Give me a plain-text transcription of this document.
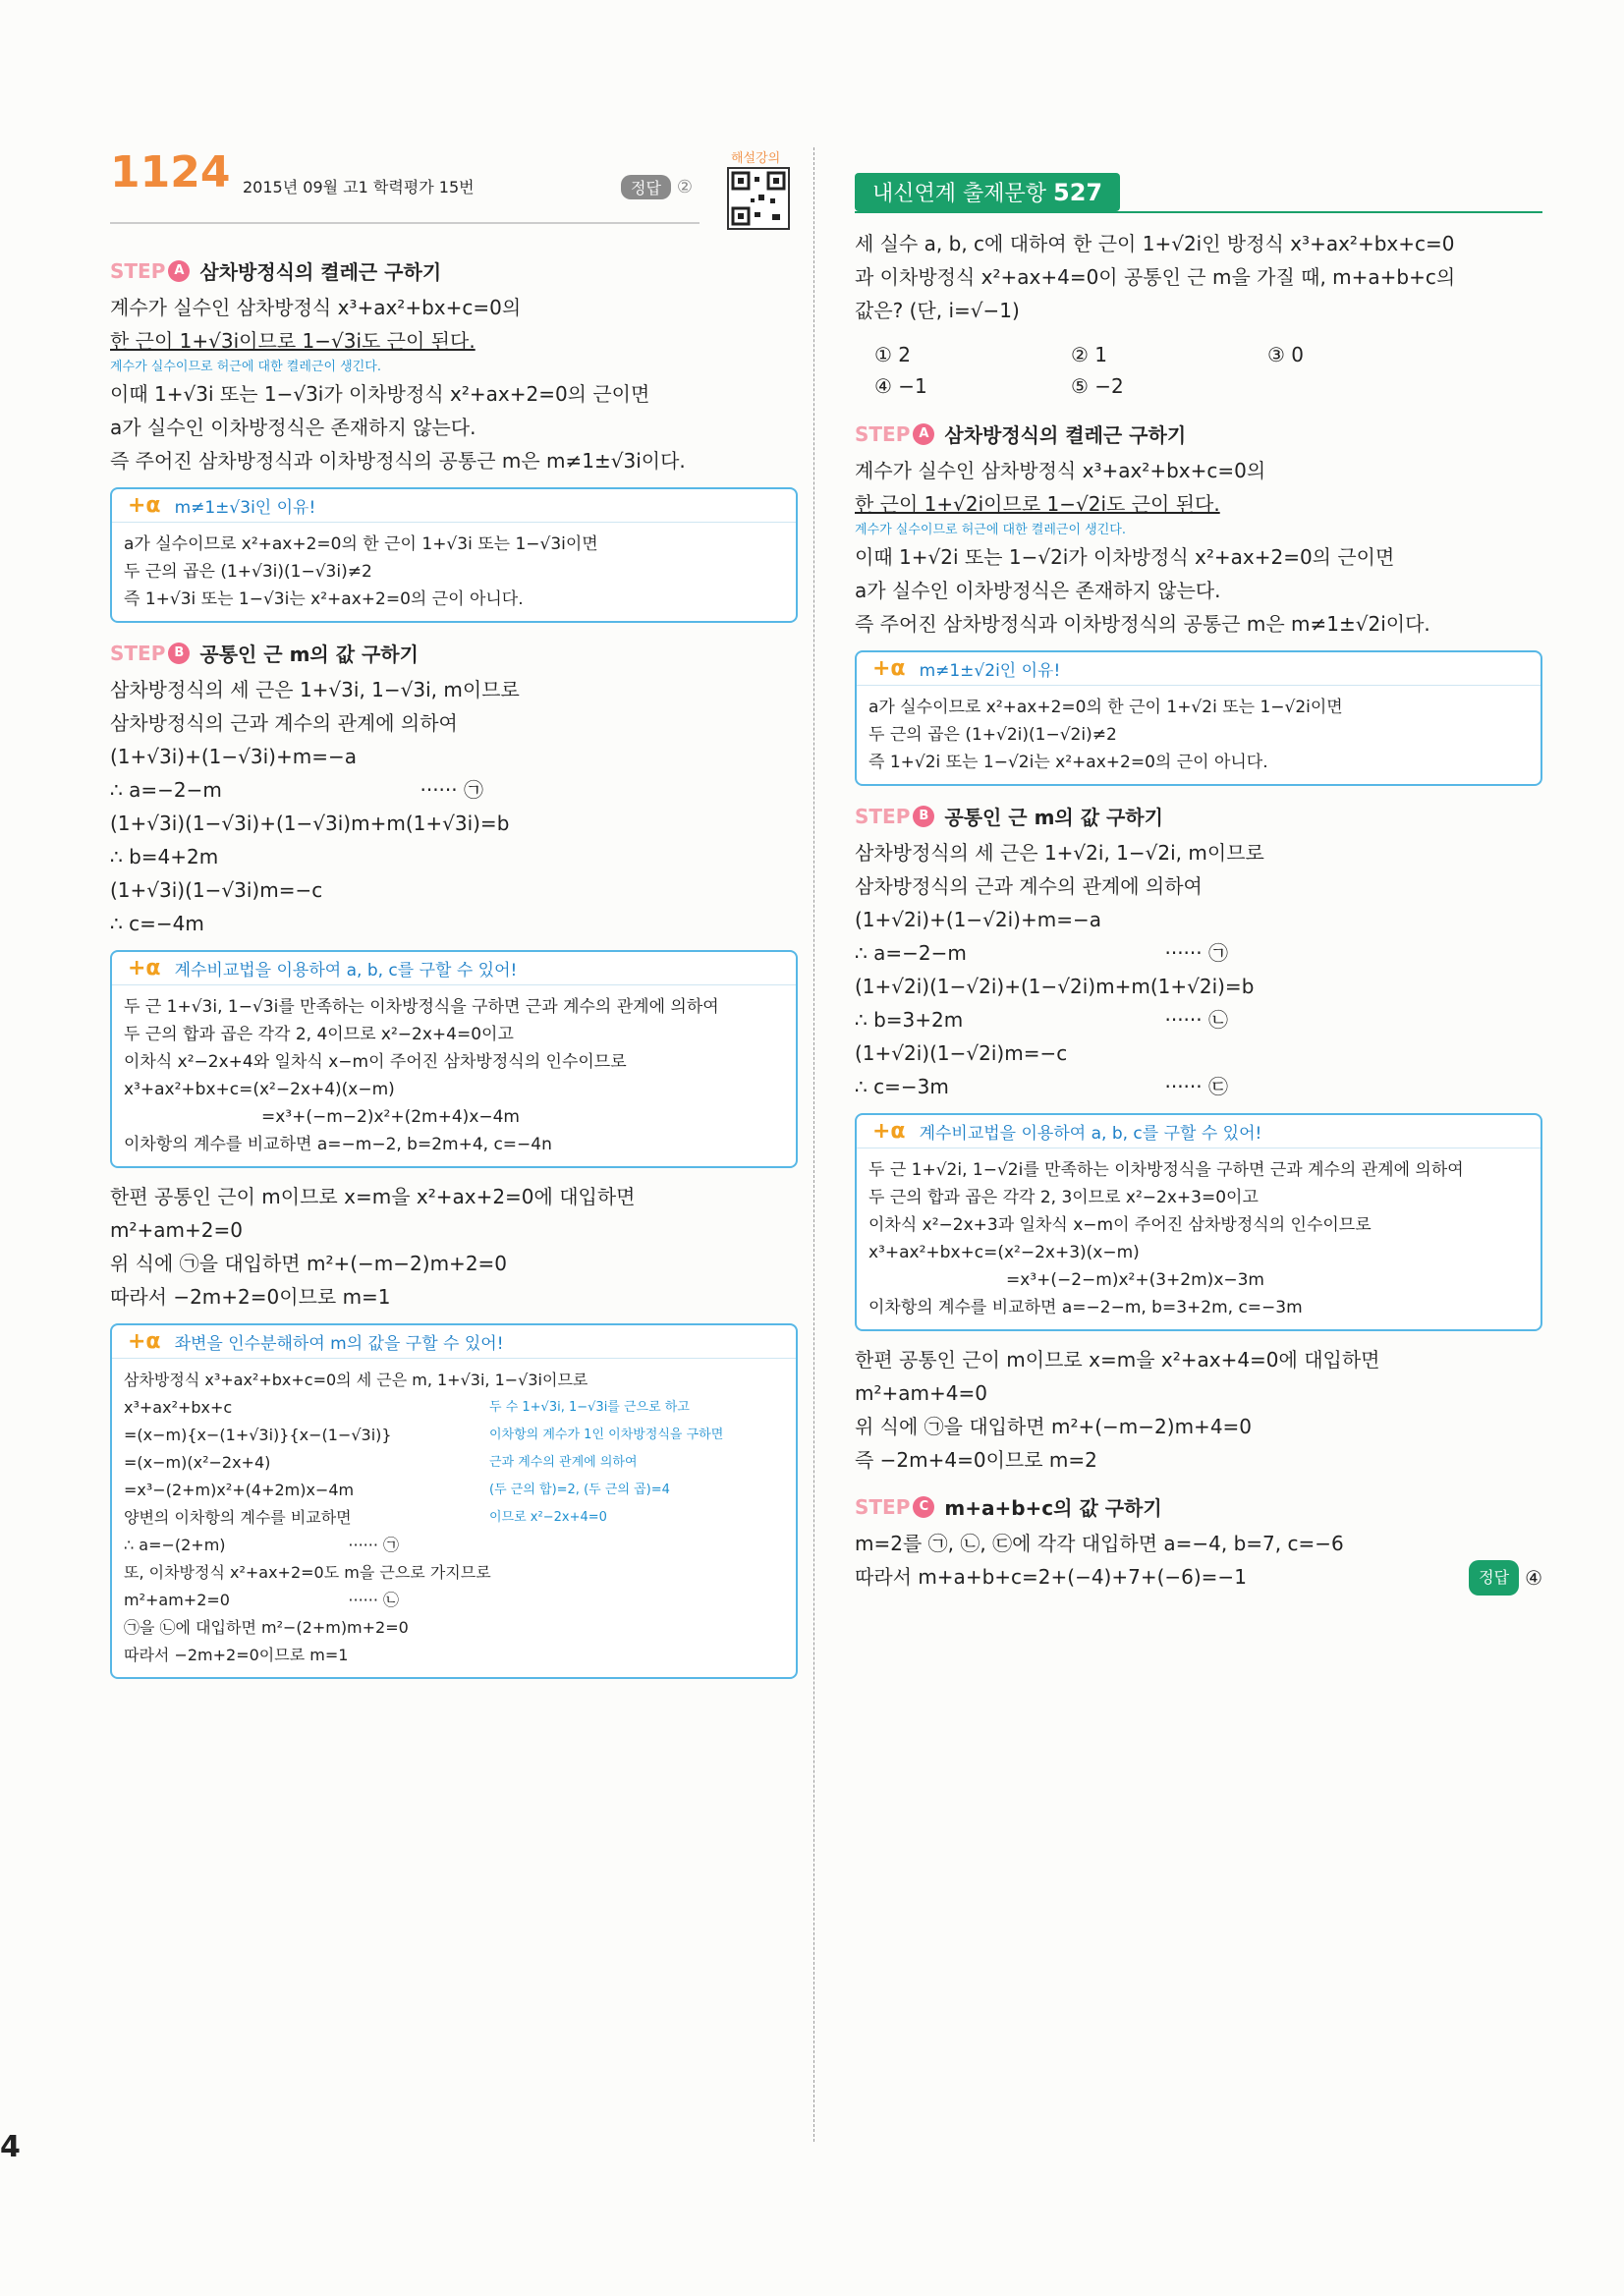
1124 2015년 09월 고1 학력평가 15번	정답 ②
해설강의
STEP A 삼차방정식의 켤레근 구하기
계수가 실수인 삼차방정식 x³+ax²+bx+c=0의
한 근이 1+√3i이므로 1−√3i도 근이 된다.
계수가 실수이므로 허근에 대한 켤레근이 생긴다.
이때 1+√3i 또는 1−√3i가 이차방정식 x²+ax+2=0의 근이면
a가 실수인 이차방정식은 존재하지 않는다.
즉 주어진 삼차방정식과 이차방정식의 공통근 m은 m≠1±√3i이다.
+α m≠1±√3i인 이유!
a가 실수이므로 x²+ax+2=0의 한 근이 1+√3i 또는 1−√3i이면
두 근의 곱은 (1+√3i)(1−√3i)≠2
즉 1+√3i 또는 1−√3i는 x²+ax+2=0의 근이 아니다.
STEP B 공통인 근 m의 값 구하기
삼차방정식의 세 근은 1+√3i, 1−√3i, m이므로
삼차방정식의 근과 계수의 관계에 의하여
(1+√3i)+(1−√3i)+m=−a
∴ a=−2−m	······ ㉠
(1+√3i)(1−√3i)+(1−√3i)m+m(1+√3i)=b
∴ b=4+2m
(1+√3i)(1−√3i)m=−c
∴ c=−4m
+α 계수비교법을 이용하여 a, b, c를 구할 수 있어!
두 근 1+√3i, 1−√3i를 만족하는 이차방정식을 구하면 근과 계수의 관계에 의하여
두 근의 합과 곱은 각각 2, 4이므로 x²−2x+4=0이고
이차식 x²−2x+4와 일차식 x−m이 주어진 삼차방정식의 인수이므로
x³+ax²+bx+c=(x²−2x+4)(x−m)
=x³+(−m−2)x²+(2m+4)x−4m
이차항의 계수를 비교하면 a=−m−2, b=2m+4, c=−4n
한편 공통인 근이 m이므로 x=m을 x²+ax+2=0에 대입하면
m²+am+2=0
위 식에 ㉠을 대입하면 m²+(−m−2)m+2=0
따라서 −2m+2=0이므로 m=1
+α 좌변을 인수분해하여 m의 값을 구할 수 있어!
삼차방정식 x³+ax²+bx+c=0의 세 근은 m, 1+√3i, 1−√3i이므로
x³+ax²+bx+c	두 수 1+√3i, 1−√3i를 근으로 하고
=(x−m){x−(1+√3i)}{x−(1−√3i)}	이차항의 계수가 1인 이차방정식을 구하면
=(x−m)(x²−2x+4)	근과 계수의 관계에 의하여
=x³−(2+m)x²+(4+2m)x−4m	(두 근의 합)=2, (두 근의 곱)=4
양변의 이차항의 계수를 비교하면	이므로 x²−2x+4=0
∴ a=−(2+m)	······ ㉠
또, 이차방정식 x²+ax+2=0도 m을 근으로 가지므로
m²+am+2=0	······ ㉡
㉠을 ㉡에 대입하면 m²−(2+m)m+2=0
따라서 −2m+2=0이므로 m=1
내신연계 출제문항 527
세 실수 a, b, c에 대하여 한 근이 1+√2i인 방정식 x³+ax²+bx+c=0
과 이차방정식 x²+ax+4=0이 공통인 근 m을 가질 때, m+a+b+c의
값은? (단, i=√−1)
① 2	② 1	③ 0
④ −1	⑤ −2
STEP A 삼차방정식의 켤레근 구하기
계수가 실수인 삼차방정식 x³+ax²+bx+c=0의
한 근이 1+√2i이므로 1−√2i도 근이 된다.
계수가 실수이므로 허근에 대한 켤레근이 생긴다.
이때 1+√2i 또는 1−√2i가 이차방정식 x²+ax+2=0의 근이면
a가 실수인 이차방정식은 존재하지 않는다.
즉 주어진 삼차방정식과 이차방정식의 공통근 m은 m≠1±√2i이다.
+α m≠1±√2i인 이유!
a가 실수이므로 x²+ax+2=0의 한 근이 1+√2i 또는 1−√2i이면
두 근의 곱은 (1+√2i)(1−√2i)≠2
즉 1+√2i 또는 1−√2i는 x²+ax+2=0의 근이 아니다.
STEP B 공통인 근 m의 값 구하기
삼차방정식의 세 근은 1+√2i, 1−√2i, m이므로
삼차방정식의 근과 계수의 관계에 의하여
(1+√2i)+(1−√2i)+m=−a
∴ a=−2−m	······ ㉠
(1+√2i)(1−√2i)+(1−√2i)m+m(1+√2i)=b
∴ b=3+2m	······ ㉡
(1+√2i)(1−√2i)m=−c
∴ c=−3m	······ ㉢
+α 계수비교법을 이용하여 a, b, c를 구할 수 있어!
두 근 1+√2i, 1−√2i를 만족하는 이차방정식을 구하면 근과 계수의 관계에 의하여
두 근의 합과 곱은 각각 2, 3이므로 x²−2x+3=0이고
이차식 x²−2x+3과 일차식 x−m이 주어진 삼차방정식의 인수이므로
x³+ax²+bx+c=(x²−2x+3)(x−m)
=x³+(−2−m)x²+(3+2m)x−3m
이차항의 계수를 비교하면 a=−2−m, b=3+2m, c=−3m
한편 공통인 근이 m이므로 x=m을 x²+ax+4=0에 대입하면
m²+am+4=0
위 식에 ㉠을 대입하면 m²+(−m−2)m+4=0
즉 −2m+4=0이므로 m=2
STEP C m+a+b+c의 값 구하기
m=2를 ㉠, ㉡, ㉢에 각각 대입하면 a=−4, b=7, c=−6
따라서 m+a+b+c=2+(−4)+7+(−6)=−1	정답 ④
4
